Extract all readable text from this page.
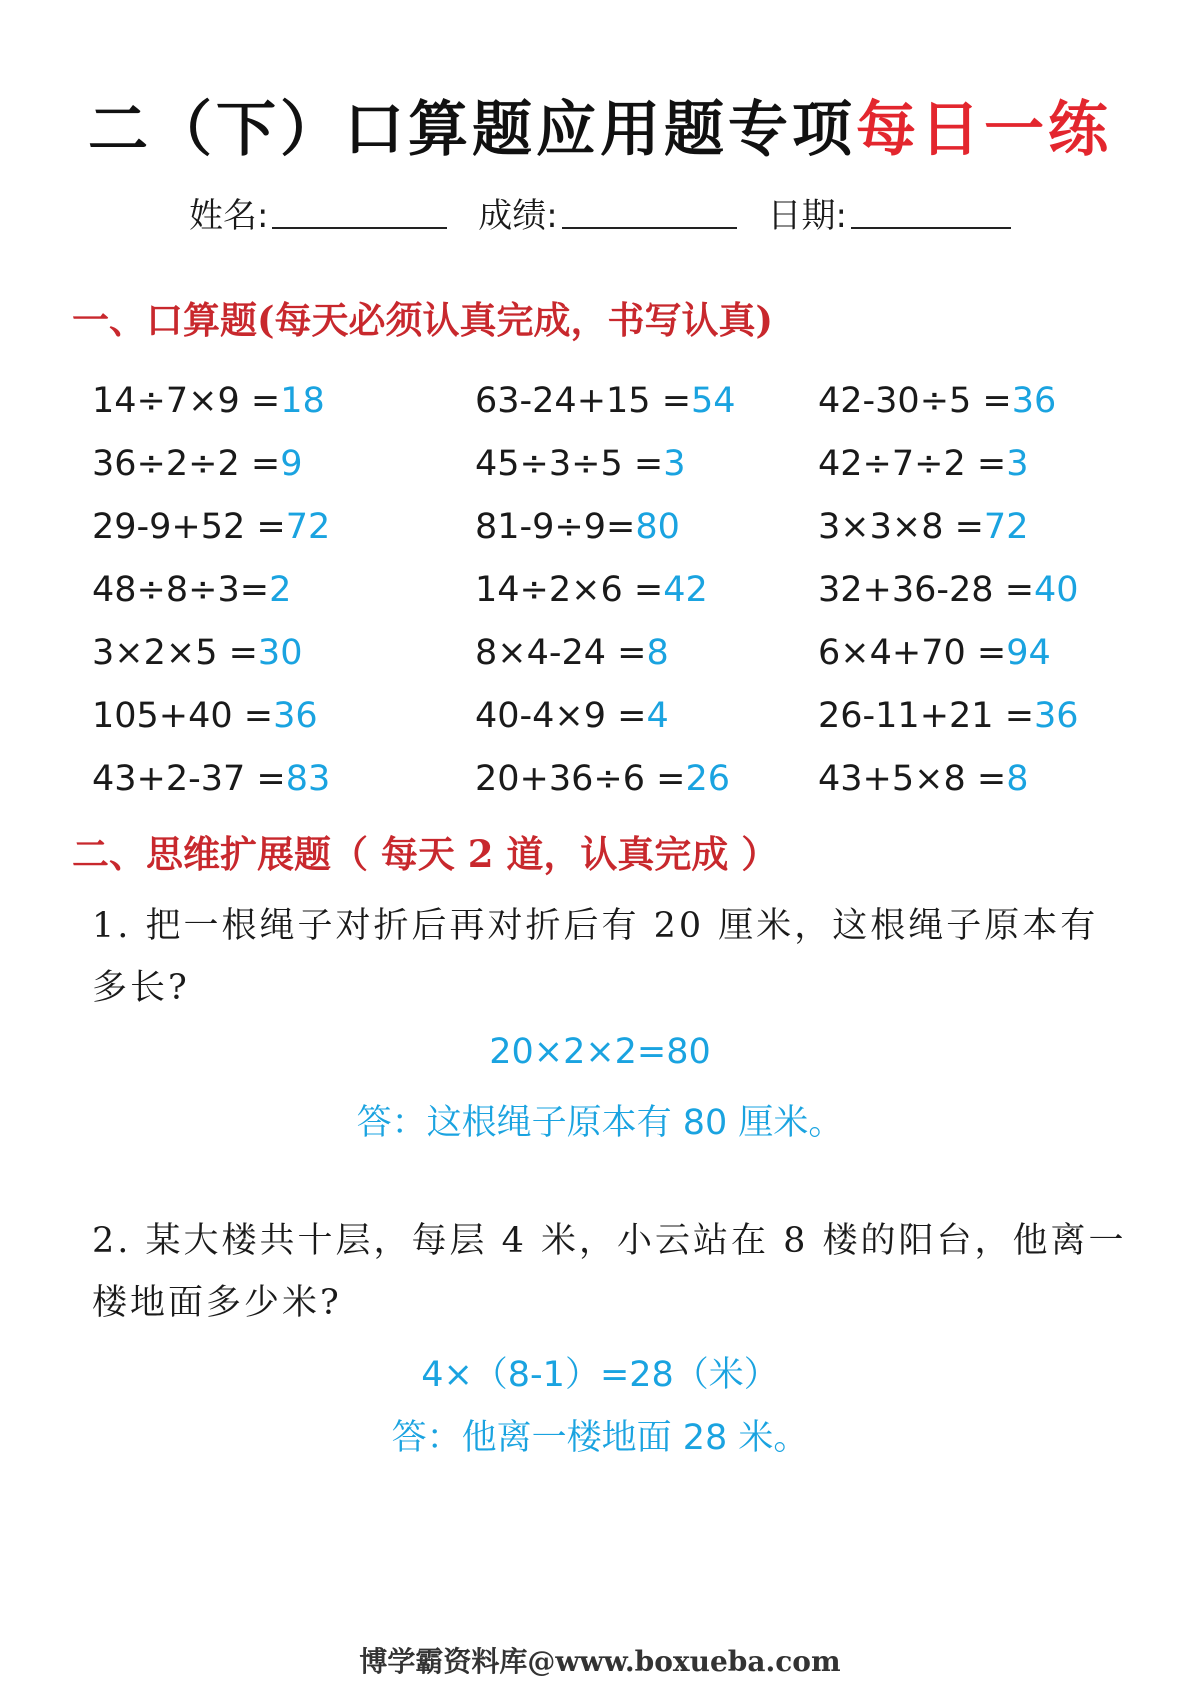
二（下）口算题应用题专项每日一练
姓名:	成绩:	日期:
一、口算题(每天必须认真完成，书写认真)
14÷7×9 =18	63-24+15 =54	42-30÷5 =36
36÷2÷2 =9	45÷3÷5 =3	42÷7÷2 =3
29-9+52 =72	81-9÷9=80	3×3×8 =72
48÷8÷3=2	14÷2×6 =42	32+36-28 =40
3×2×5 =30	8×4-24 =8	6×4+70 =94
105+40 =36	40-4×9 =4	26-11+21 =36
43+2-37 =83	20+36÷6 =26	43+5×8 =8
二、思维扩展题（ 每天 2 道，认真完成 ）
1. 把一根绳子对折后再对折后有 20 厘米，这根绳子原本有多长?
20×2×2=80
答：这根绳子原本有 80 厘米。
2. 某大楼共十层，每层 4 米，小云站在 8 楼的阳台，他离一楼地面多少米?
4×（8-1）=28（米）
答：他离一楼地面 28 米。
博学霸资料库@www.boxueba.com
